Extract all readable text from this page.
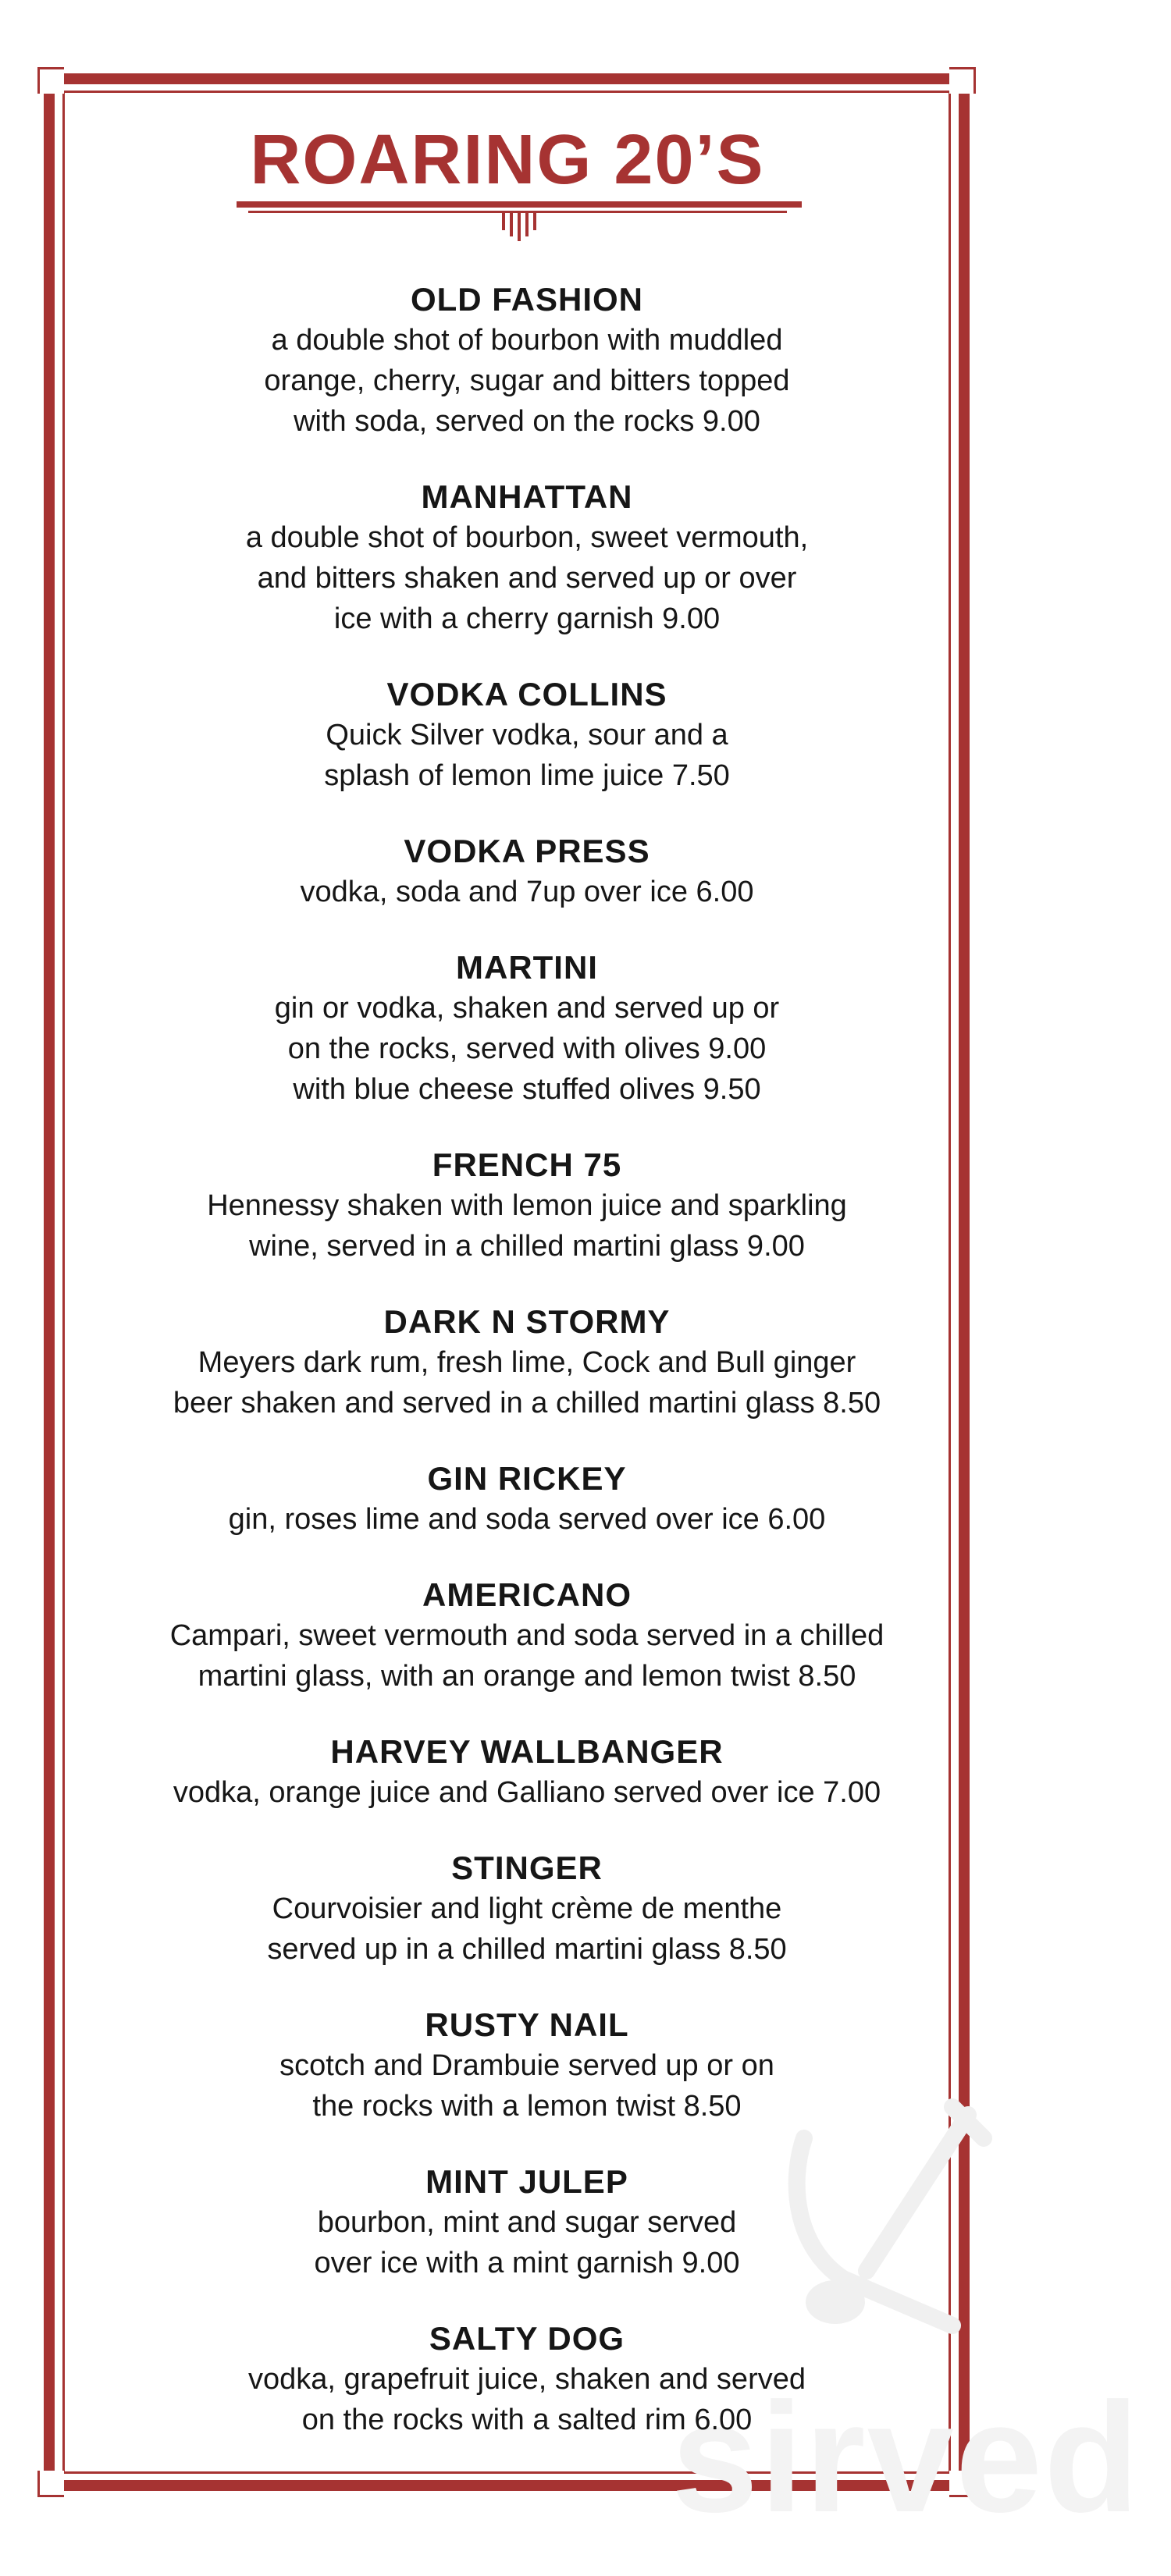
ROARING 20’S
sirved
OLD FASHION
a double shot of bourbon with muddled
orange, cherry, sugar and bitters topped
with soda, served on the rocks 9.00
MANHATTAN
a double shot of bourbon, sweet vermouth,
and bitters shaken and served up or over
ice with a cherry garnish 9.00
VODKA COLLINS
Quick Silver vodka, sour and a
splash of lemon lime juice 7.50
VODKA PRESS
vodka, soda and 7up over ice 6.00
MARTINI
gin or vodka, shaken and served up or
on the rocks, served with olives 9.00
with blue cheese stuffed olives 9.50
FRENCH 75
Hennessy shaken with lemon juice and sparkling
wine, served in a chilled martini glass 9.00
DARK N STORMY
Meyers dark rum, fresh lime, Cock and Bull ginger
beer shaken and served in a chilled martini glass 8.50
GIN RICKEY
gin, roses lime and soda served over ice 6.00
AMERICANO
Campari, sweet vermouth and soda served in a chilled
martini glass, with an orange and lemon twist 8.50
HARVEY WALLBANGER
vodka, orange juice and Galliano served over ice 7.00
STINGER
Courvoisier and light crème de menthe
served up in a chilled martini glass 8.50
RUSTY NAIL
scotch and Drambuie served up or on
the rocks with a lemon twist 8.50
MINT JULEP
bourbon, mint and sugar served
over ice with a mint garnish 9.00
SALTY DOG
vodka, grapefruit juice, shaken and served
on the rocks with a salted rim 6.00
